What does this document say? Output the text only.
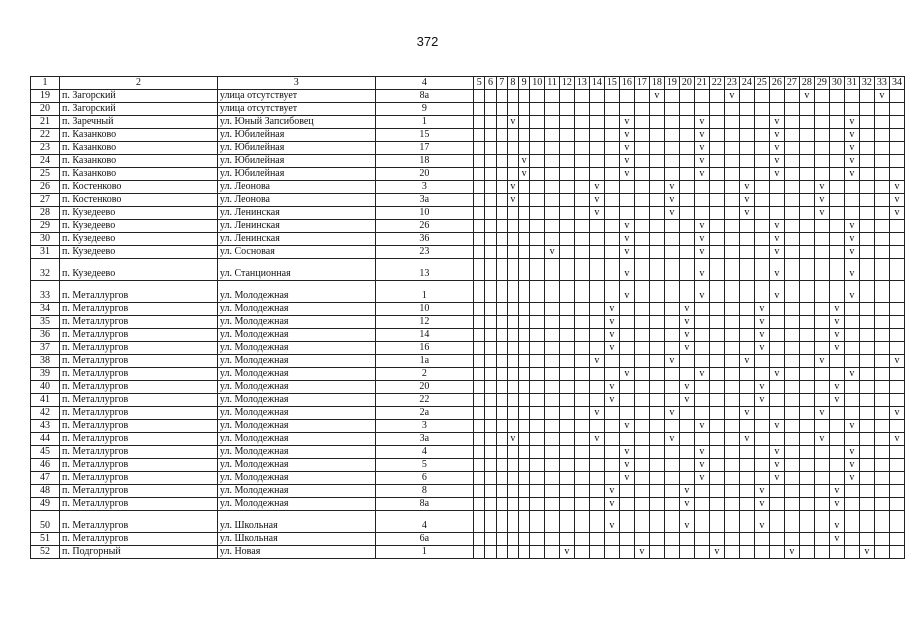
372
1	2	3	4	5	6	7	8	9	10	11	12	13	14	15	16	17	18	19	20	21	22	23	24	25	26	27	28	29	30	31	32	33	34
19	п. Загорский	улица отсутствует	8а														v					v					v					v	
20	п. Загорский	улица отсутствует	9																														
21	п. Заречный	ул. Юный Запсибовец	1				v								v					v					v					v			
22	п. Казанково	ул. Юбилейная	15												v					v					v					v			
23	п. Казанково	ул. Юбилейная	17												v					v					v					v			
24	п. Казанково	ул. Юбилейная	18					v							v					v					v					v			
25	п. Казанково	ул. Юбилейная	20					v							v					v					v					v			
26	п. Костенково	ул. Леонова	3				v						v					v					v					v					v
27	п. Костенково	ул. Леонова	3а				v						v					v					v					v					v
28	п. Кузедеево	ул. Ленинская	10										v					v					v					v					v
29	п. Кузедеево	ул. Ленинская	26												v					v					v					v			
30	п. Кузедеево	ул. Ленинская	36												v					v					v					v			
31	п. Кузедеево	ул. Сосновая	23							v					v					v					v					v			
32	п. Кузедеево	ул. Станционная	13												v					v					v					v			
33	п. Металлургов	ул. Молодежная	1												v					v					v					v			
34	п. Металлургов	ул. Молодежная	10											v					v					v					v				
35	п. Металлургов	ул. Молодежная	12											v					v					v					v				
36	п. Металлургов	ул. Молодежная	14											v					v					v					v				
37	п. Металлургов	ул. Молодежная	16											v					v					v					v				
38	п. Металлургов	ул. Молодежная	1а										v					v					v					v					v
39	п. Металлургов	ул. Молодежная	2												v					v					v					v			
40	п. Металлургов	ул. Молодежная	20											v					v					v					v				
41	п. Металлургов	ул. Молодежная	22											v					v					v					v				
42	п. Металлургов	ул. Молодежная	2а										v					v					v					v					v
43	п. Металлургов	ул. Молодежная	3												v					v					v					v			
44	п. Металлургов	ул. Молодежная	3а				v						v					v					v					v					v
45	п. Металлургов	ул. Молодежная	4												v					v					v					v			
46	п. Металлургов	ул. Молодежная	5												v					v					v					v			
47	п. Металлургов	ул. Молодежная	6												v					v					v					v			
48	п. Металлургов	ул. Молодежная	8											v					v					v					v				
49	п. Металлургов	ул. Молодежная	8а											v					v					v					v				
50	п. Металлургов	ул. Школьная	4											v					v					v					v				
51	п. Металлургов	ул. Школьная	6а																										v				
52	п. Подгорный	ул. Новая	1								v					v					v					v					v		
